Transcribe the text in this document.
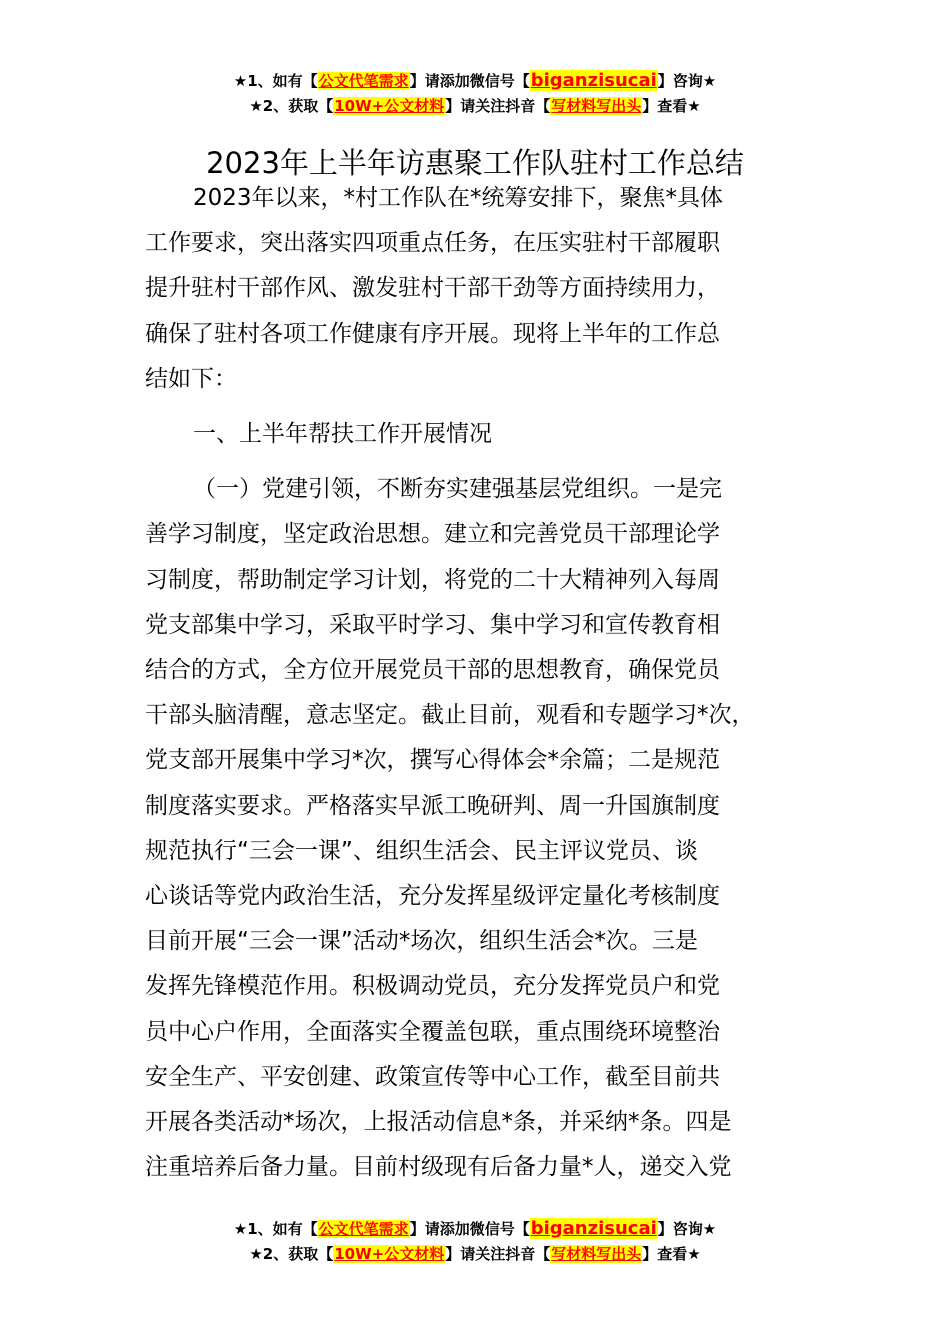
★1、如有【公文代笔需求】请添加微信号【biganzisucai】咨询★
★2、获取【10W+公文材料】请关注抖音【写材料写出头】查看★
2023年上半年访惠聚工作队驻村工作总结

2023年以来，*村工作队在*统筹安排下，聚焦*具体
工作要求，突出落实四项重点任务，在压实驻村干部履职
提升驻村干部作风、激发驻村干部干劲等方面持续用力，
确保了驻村各项工作健康有序开展。现将上半年的工作总
结如下：

一、上半年帮扶工作开展情况

（一）党建引领，不断夯实建强基层党组织。一是完
善学习制度，坚定政治思想。建立和完善党员干部理论学
习制度，帮助制定学习计划，将党的二十大精神列入每周
党支部集中学习，采取平时学习、集中学习和宣传教育相
结合的方式，全方位开展党员干部的思想教育，确保党员
干部头脑清醒，意志坚定。截止目前，观看和专题学习*次，
党支部开展集中学习*次，撰写心得体会*余篇；二是规范
制度落实要求。严格落实早派工晚研判、周一升国旗制度
规范执行“三会一课”、组织生活会、民主评议党员、谈
心谈话等党内政治生活，充分发挥星级评定量化考核制度
目前开展“三会一课”活动*场次，组织生活会*次。三是
发挥先锋模范作用。积极调动党员，充分发挥党员户和党
员中心户作用，全面落实全覆盖包联，重点围绕环境整治
安全生产、平安创建、政策宣传等中心工作，截至目前共
开展各类活动*场次，上报活动信息*条，并采纳*条。四是
注重培养后备力量。目前村级现有后备力量*人，递交入党

★1、如有【公文代笔需求】请添加微信号【biganzisucai】咨询★
★2、获取【10W+公文材料】请关注抖音【写材料写出头】查看★
